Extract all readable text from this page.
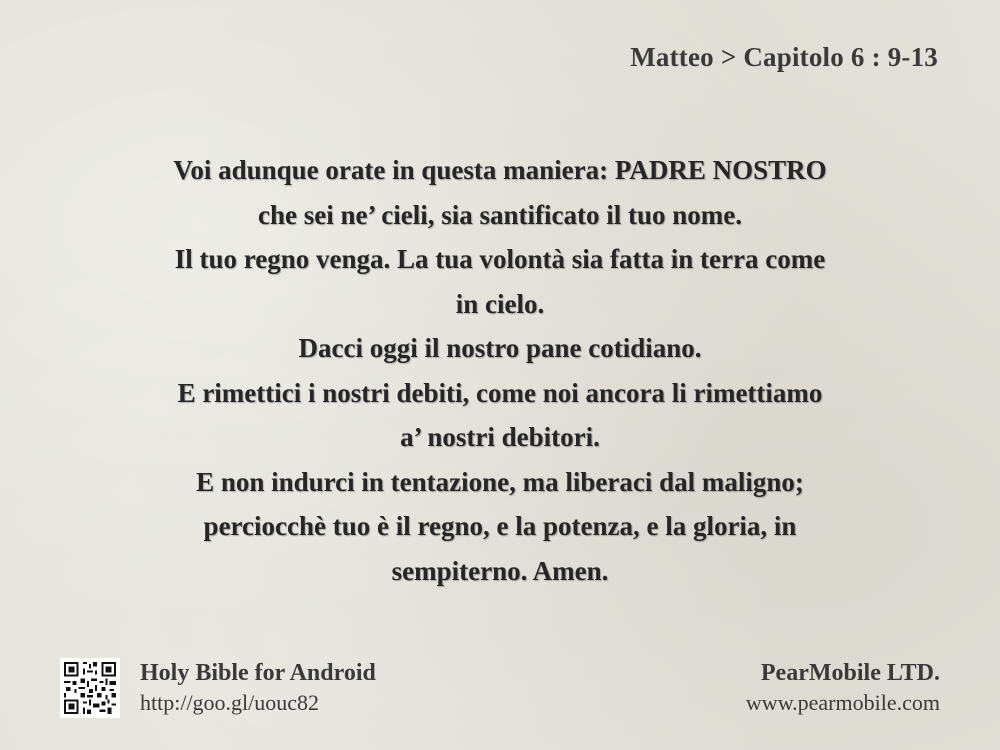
Matteo > Capitolo 6 : 9-13
Voi adunque orate in questa maniera: PADRE NOSTRO
che sei ne’ cieli, sia santificato il tuo nome.
Il tuo regno venga. La tua volontà sia fatta in terra come
in cielo.
Dacci oggi il nostro pane cotidiano.
E rimettici i nostri debiti, come noi ancora li rimettiamo
a’ nostri debitori.
E non indurci in tentazione, ma liberaci dal maligno;
perciocchè tuo è il regno, e la potenza, e la gloria, in
sempiterno. Amen.
Holy Bible for Android
http://goo.gl/uouc82
PearMobile LTD.
www.pearmobile.com
